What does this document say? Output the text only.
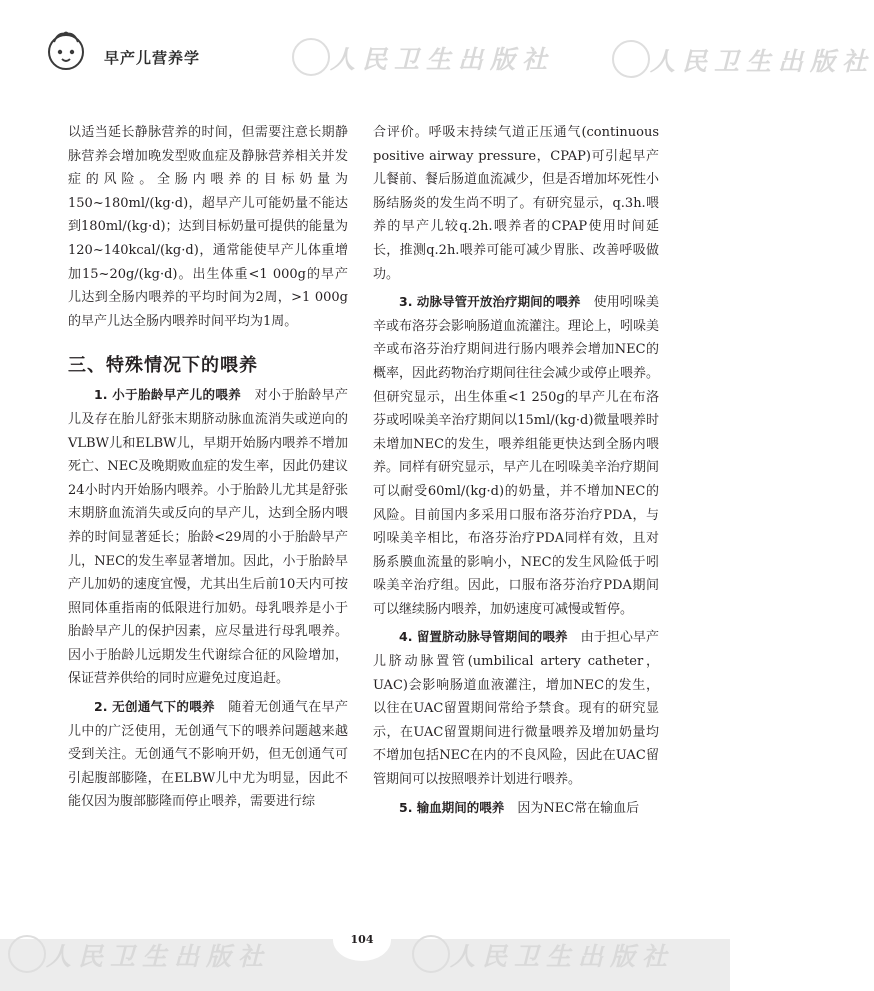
早产儿营养学	人民卫生出版社	人民卫生出版社

以适当延长静脉营养的时间，但需要注意长期静脉营养会增加晚发型败血症及静脉营养相关并发症的风险。全肠内喂养的目标奶量为150~180ml/(kg·d)，超早产儿可能奶量不能达到180ml/(kg·d)；达到目标奶量可提供的能量为120~140kcal/(kg·d)，通常能使早产儿体重增加15~20g/(kg·d)。出生体重<1 000g的早产儿达到全肠内喂养的平均时间为2周，>1 000g的早产儿达全肠内喂养时间平均为1周。

三、特殊情况下的喂养

1. 小于胎龄早产儿的喂养　 对小于胎龄早产儿及存在胎儿舒张末期脐动脉血流消失或逆向的VLBW儿和ELBW儿，早期开始肠内喂养不增加死亡、NEC及晚期败血症的发生率，因此仍建议24小时内开始肠内喂养。小于胎龄儿尤其是舒张末期脐血流消失或反向的早产儿，达到全肠内喂养的时间显著延长；胎龄<29周的小于胎龄早产儿，NEC的发生率显著增加。因此，小于胎龄早产儿加奶的速度宜慢，尤其出生后前10天内可按照同体重指南的低限进行加奶。母乳喂养是小于胎龄早产儿的保护因素，应尽量进行母乳喂养。因小于胎龄儿远期发生代谢综合征的风险增加，保证营养供给的同时应避免过度追赶。

2. 无创通气下的喂养　 随着无创通气在早产儿中的广泛使用，无创通气下的喂养问题越来越受到关注。无创通气不影响开奶，但无创通气可引起腹部膨隆，在ELBW儿中尤为明显，因此不能仅因为腹部膨隆而停止喂养，需要进行综

合评价。呼吸末持续气道正压通气(continuous positive airway pressure，CPAP)可引起早产儿餐前、餐后肠道血流减少，但是否增加坏死性小肠结肠炎的发生尚不明了。有研究显示，q.3h.喂养的早产儿较q.2h.喂养者的CPAP使用时间延长，推测q.2h.喂养可能可减少胃胀、改善呼吸做功。

3. 动脉导管开放治疗期间的喂养　 使用吲哚美辛或布洛芬会影响肠道血流灌注。理论上，吲哚美辛或布洛芬治疗期间进行肠内喂养会增加NEC的概率，因此药物治疗期间往往会减少或停止喂养。但研究显示，出生体重<1 250g的早产儿在布洛芬或吲哚美辛治疗期间以15ml/(kg·d)微量喂养时未增加NEC的发生，喂养组能更快达到全肠内喂养。同样有研究显示，早产儿在吲哚美辛治疗期间可以耐受60ml/(kg·d)的奶量，并不增加NEC的风险。目前国内多采用口服布洛芬治疗PDA，与吲哚美辛相比，布洛芬治疗PDA同样有效，且对肠系膜血流量的影响小，NEC的发生风险低于吲哚美辛治疗组。因此，口服布洛芬治疗PDA期间可以继续肠内喂养，加奶速度可减慢或暂停。

4. 留置脐动脉导管期间的喂养　 由于担心早产儿脐动脉置管(umbilical artery catheter，UAC)会影响肠道血液灌注，增加NEC的发生，以往在UAC留置期间常给予禁食。现有的研究显示，在UAC留置期间进行微量喂养及增加奶量均不增加包括NEC在内的不良风险，因此在UAC留管期间可以按照喂养计划进行喂养。

5. 输血期间的喂养　 因为NEC常在输血后

人民卫生出版社	人民卫生出版社
104
